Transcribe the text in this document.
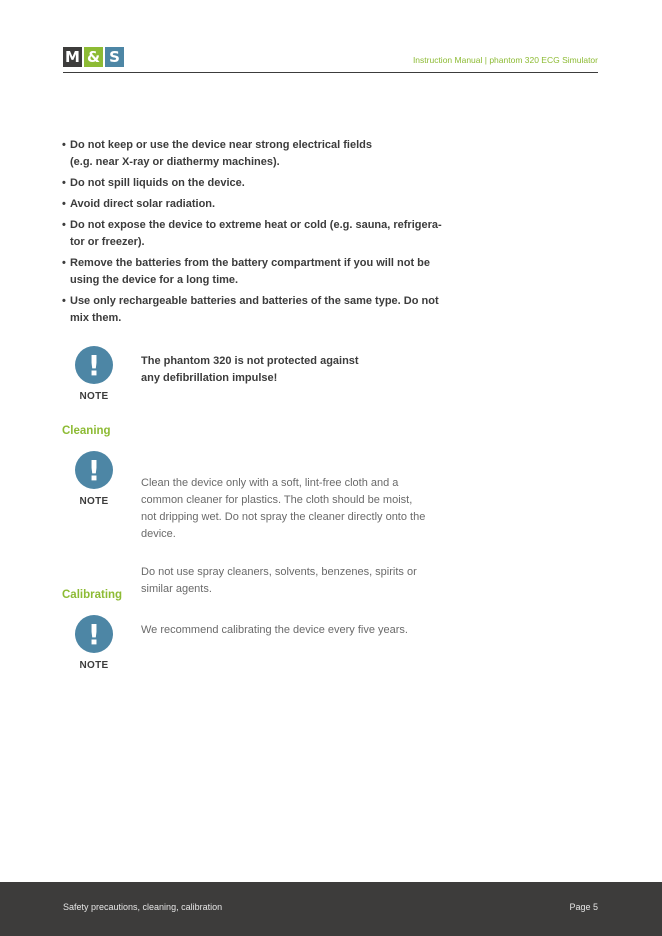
M & S	Instruction Manual | phantom 320 ECG Simulator
• Do not keep or use the device near strong electrical fields
(e.g. near X-ray or diathermy machines).
• Do not spill liquids on the device.
• Avoid direct solar radiation.
• Do not expose the device to extreme heat or cold (e.g. sauna, refrigera-
tor or freezer).
• Remove the batteries from the battery compartment if you will not be
using the device for a long time.
• Use only rechargeable batteries and batteries of the same type. Do not
mix them.
!
NOTE
The phantom 320 is not protected against
any defibrillation impulse!
Cleaning
!
NOTE

Clean the device only with a soft, lint-free cloth and a
common cleaner for plastics. The cloth should be moist,
not dripping wet. Do not spray the cleaner directly onto the
device.

Do not use spray cleaners, solvents, benzenes, spirits or
similar agents.

Calibrating
!
NOTE
We recommend calibrating the device every five years.
Safety precautions, cleaning, calibration	Page 5
